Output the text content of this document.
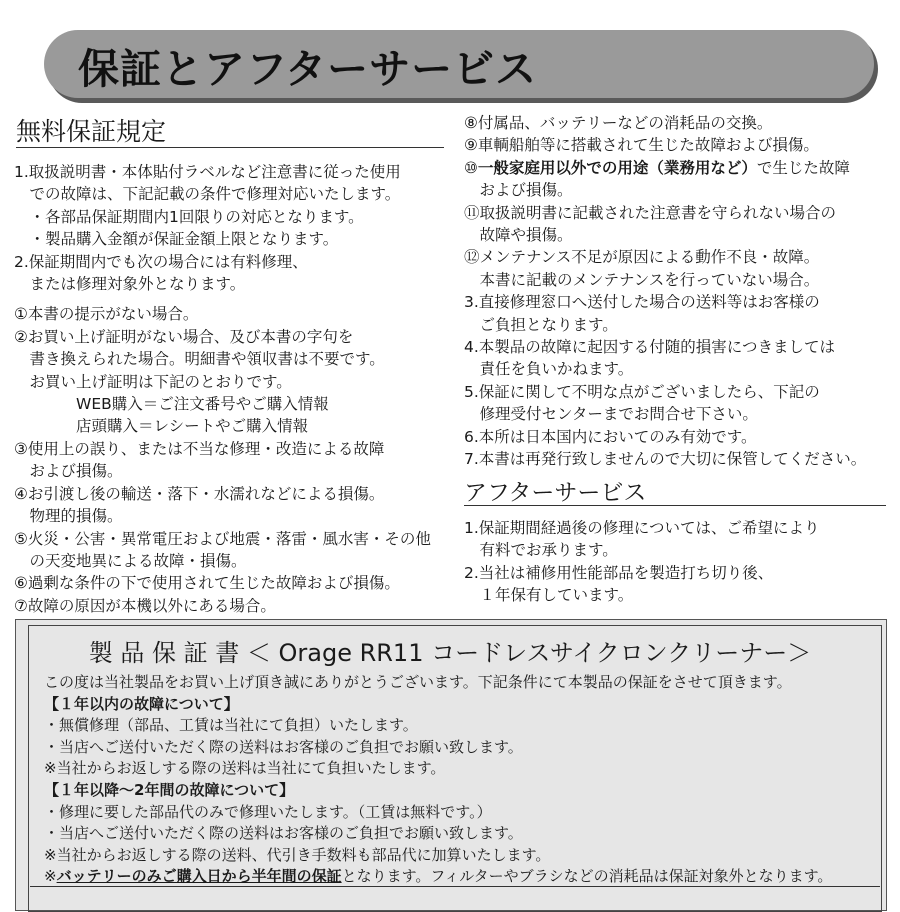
保証とアフターサービス
無料保証規定
1.取扱説明書・本体貼付ラベルなど注意書に従った使用
　での故障は、下記記載の条件で修理対応いたします。
　・各部品保証期間内1回限りの対応となります。
　・製品購入金額が保証金額上限となります。
2.保証期間内でも次の場合には有料修理、
　または修理対象外となります。
①本書の提示がない場合。
②お買い上げ証明がない場合、及び本書の字句を
　書き換えられた場合。明細書や領収書は不要です。
　お買い上げ証明は下記のとおりです。
　　　　WEB購入＝ご注文番号やご購入情報
　　　　店頭購入＝レシートやご購入情報
③使用上の誤り、または不当な修理・改造による故障
　および損傷。
④お引渡し後の輸送・落下・水濡れなどによる損傷。
　物理的損傷。
⑤火災・公害・異常電圧および地震・落雷・風水害・その他
　の天変地異による故障・損傷。
⑥過剰な条件の下で使用されて生じた故障および損傷。
⑦故障の原因が本機以外にある場合。
⑧付属品、バッテリーなどの消耗品の交換。
⑨車輌船舶等に搭載されて生じた故障および損傷。
⑩一般家庭用以外での用途（業務用など）で生じた故障
　および損傷。
⑪取扱説明書に記載された注意書を守られない場合の
　故障や損傷。
⑫メンテナンス不足が原因による動作不良・故障。
　本書に記載のメンテナンスを行っていない場合。
3.直接修理窓口へ送付した場合の送料等はお客様の
　ご負担となります。
4.本製品の故障に起因する付随的損害につきましては
　責任を負いかねます。
5.保証に関して不明な点がございましたら、下記の
　修理受付センターまでお問合せ下さい。
6.本所は日本国内においてのみ有効です。
7.本書は再発行致しませんので大切に保管してください。
アフターサービス
1.保証期間経過後の修理については、ご希望により
　有料でお承ります。
2.当社は補修用性能部品を製造打ち切り後、
　１年保有しています。
製 品 保 証 書 ＜ Orage RR11 コードレスサイクロンクリーナー＞
この度は当社製品をお買い上げ頂き誠にありがとうございます。下記条件にて本製品の保証をさせて頂きます。
【１年以内の故障について】
・無償修理（部品、工賃は当社にて負担）いたします。
・当店へご送付いただく際の送料はお客様のご負担でお願い致します。
※当社からお返しする際の送料は当社にて負担いたします。
【１年以降～2年間の故障について】
・修理に要した部品代のみで修理いたします。（工賃は無料です。）
・当店へご送付いただく際の送料はお客様のご負担でお願い致します。
※当社からお返しする際の送料、代引き手数料も部品代に加算いたします。
※バッテリーのみご購入日から半年間の保証となります。フィルターやブラシなどの消耗品は保証対象外となります。
